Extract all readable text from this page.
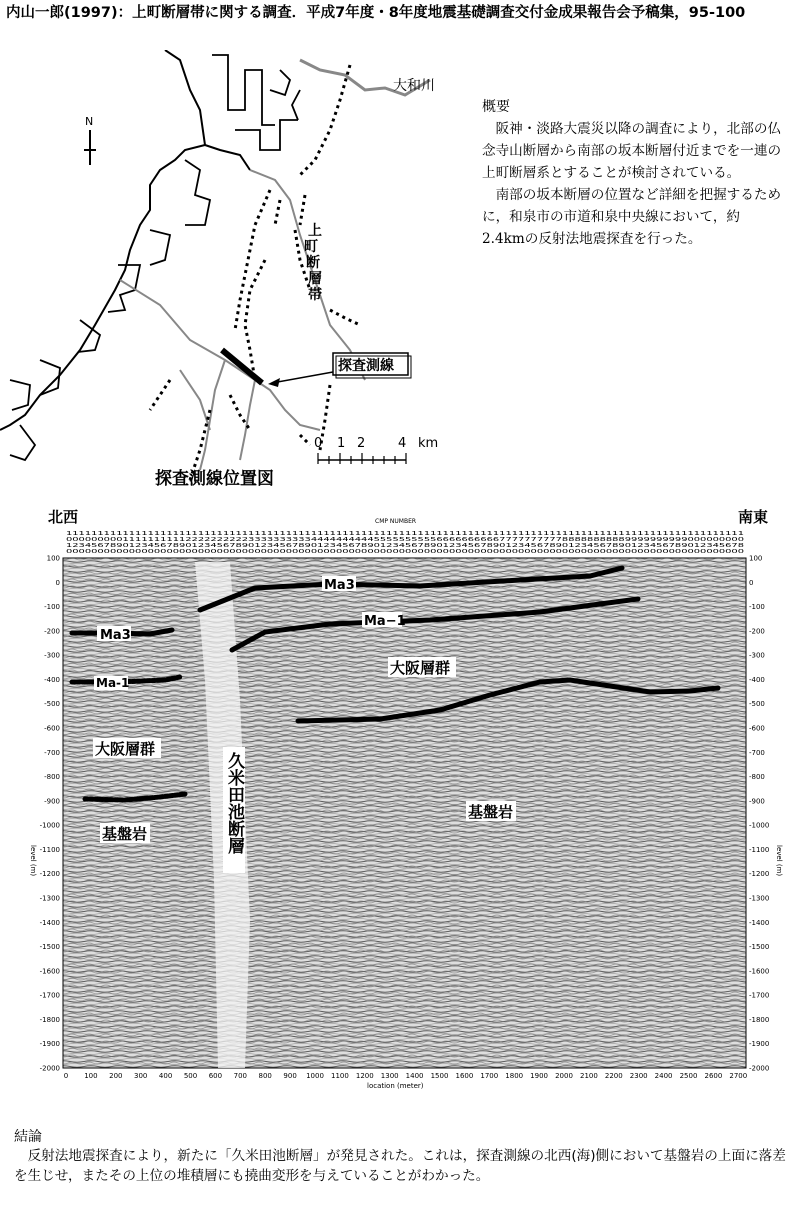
内山一郎(1997)：上町断層帯に関する調査．平成7年度・8年度地震基礎調査交付金成果報告会予稿集，95-100
大和川
N
上 町 断 層 帯
探査測線
0 1 2	4 km
探査測線位置図
概要

阪神・淡路大震災以降の調査により，北部の仏念寺山断層から南部の坂本断層付近までを一連の上町断層系とすることが検討されている。

南部の坂本断層の位置など詳細を把握するために，和泉市の市道和泉中央線において，約2.4kmの反射法地震探査を行った。

北西	南東
CMP NUMBER
111111111111111111111111111111111111111111111111111111111111111111111111111111111111111111111111111111111111
000000000111111111122222222223333333333444444444455555555556666666666777777777788888888889999999999000000000
123456789012345678901234567890123456789012345678901234567890123456789012345678901234567890123456789012345678
000000000000000000000000000000000000000000000000000000000000000000000000000000000000000000000000000000000000
Ma3
Ma3
Ma−1
Ma-1
大阪層群
大阪層群
基盤岩
基盤岩
久米田池断層
100
0
-100
-200
-300
-400
-500
-600
-700
-800
-900
-1000
-1100
-1200
-1300
-1400
-1500
-1600
-1700
-1800
-1900
-2000
100
0
-100
-200
-300
-400
-500
-600
-700
-800
-900
-1000
-1100
-1200
-1300
-1400
-1500
-1600
-1700
-1800
-1900
-2000
0 100 200 300 400 500 600 700 800 900 1000 1100 1200 1300 1400 1500 1600 1700 1800 1900 2000 2100 2200 2300 2400 2500 2600 2700
level (m)	level (m)
location (meter)
結論
反射法地震探査により，新たに「久米田池断層」が発見された。これは，探査測線の北西(海)側において基盤岩の上面に落差を生じせ，またその上位の堆積層にも撓曲変形を与えていることがわかった。
